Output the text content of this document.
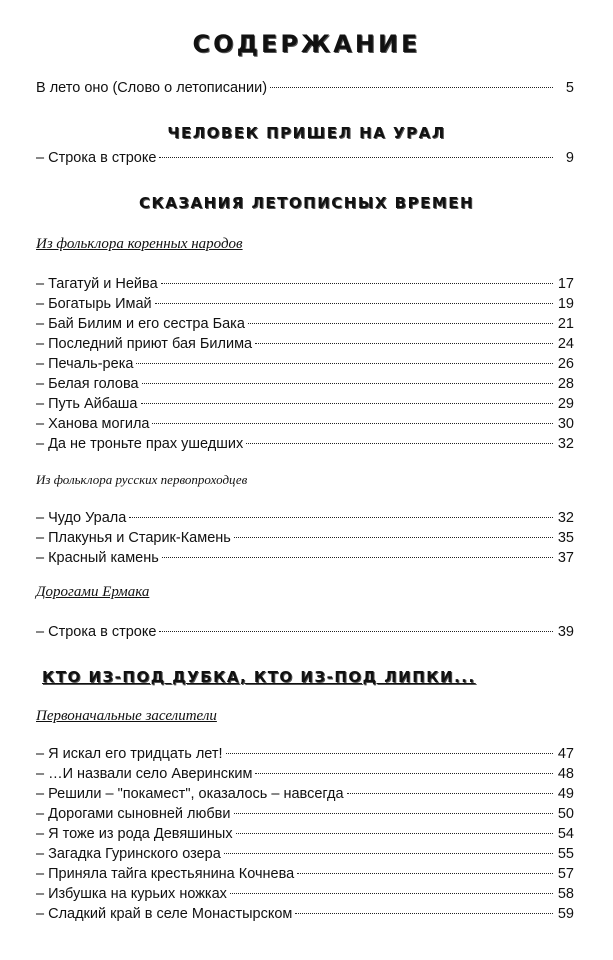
СОДЕРЖАНИЕ
В лето оно (Слово о летописании)	5
ЧЕЛОВЕК ПРИШЕЛ НА УРАЛ
– Строка в строке	9
СКАЗАНИЯ ЛЕТОПИСНЫХ ВРЕМЕН
Из фольклора коренных народов
– Тагатуй и Нейва	17
– Богатырь Имай	19
– Бай Билим и его сестра Бака	21
– Последний приют бая Билима	24
– Печаль-река	26
– Белая голова	28
– Путь Айбаша	29
– Ханова могила	30
– Да не троньте прах ушедших	32
Из фольклора русских первопроходцев
– Чудо Урала	32
– Плакунья и Старик-Камень	35
– Красный камень	37
Дорогами Ермака
– Строка в строке	39
КТО ИЗ-ПОД ДУБКА, КТО ИЗ-ПОД ЛИПКИ...
Первоначальные заселители
– Я искал его тридцать лет!	47
– …И назвали село Аверинским	48
– Решили – "покамест", оказалось – навсегда	49
– Дорогами сыновней любви	50
– Я тоже из рода Девяшиных	54
– Загадка Гуринского озера	55
– Приняла тайга крестьянина Кочнева	57
– Избушка на курьих ножках	58
– Сладкий край в селе Монастырском	59
